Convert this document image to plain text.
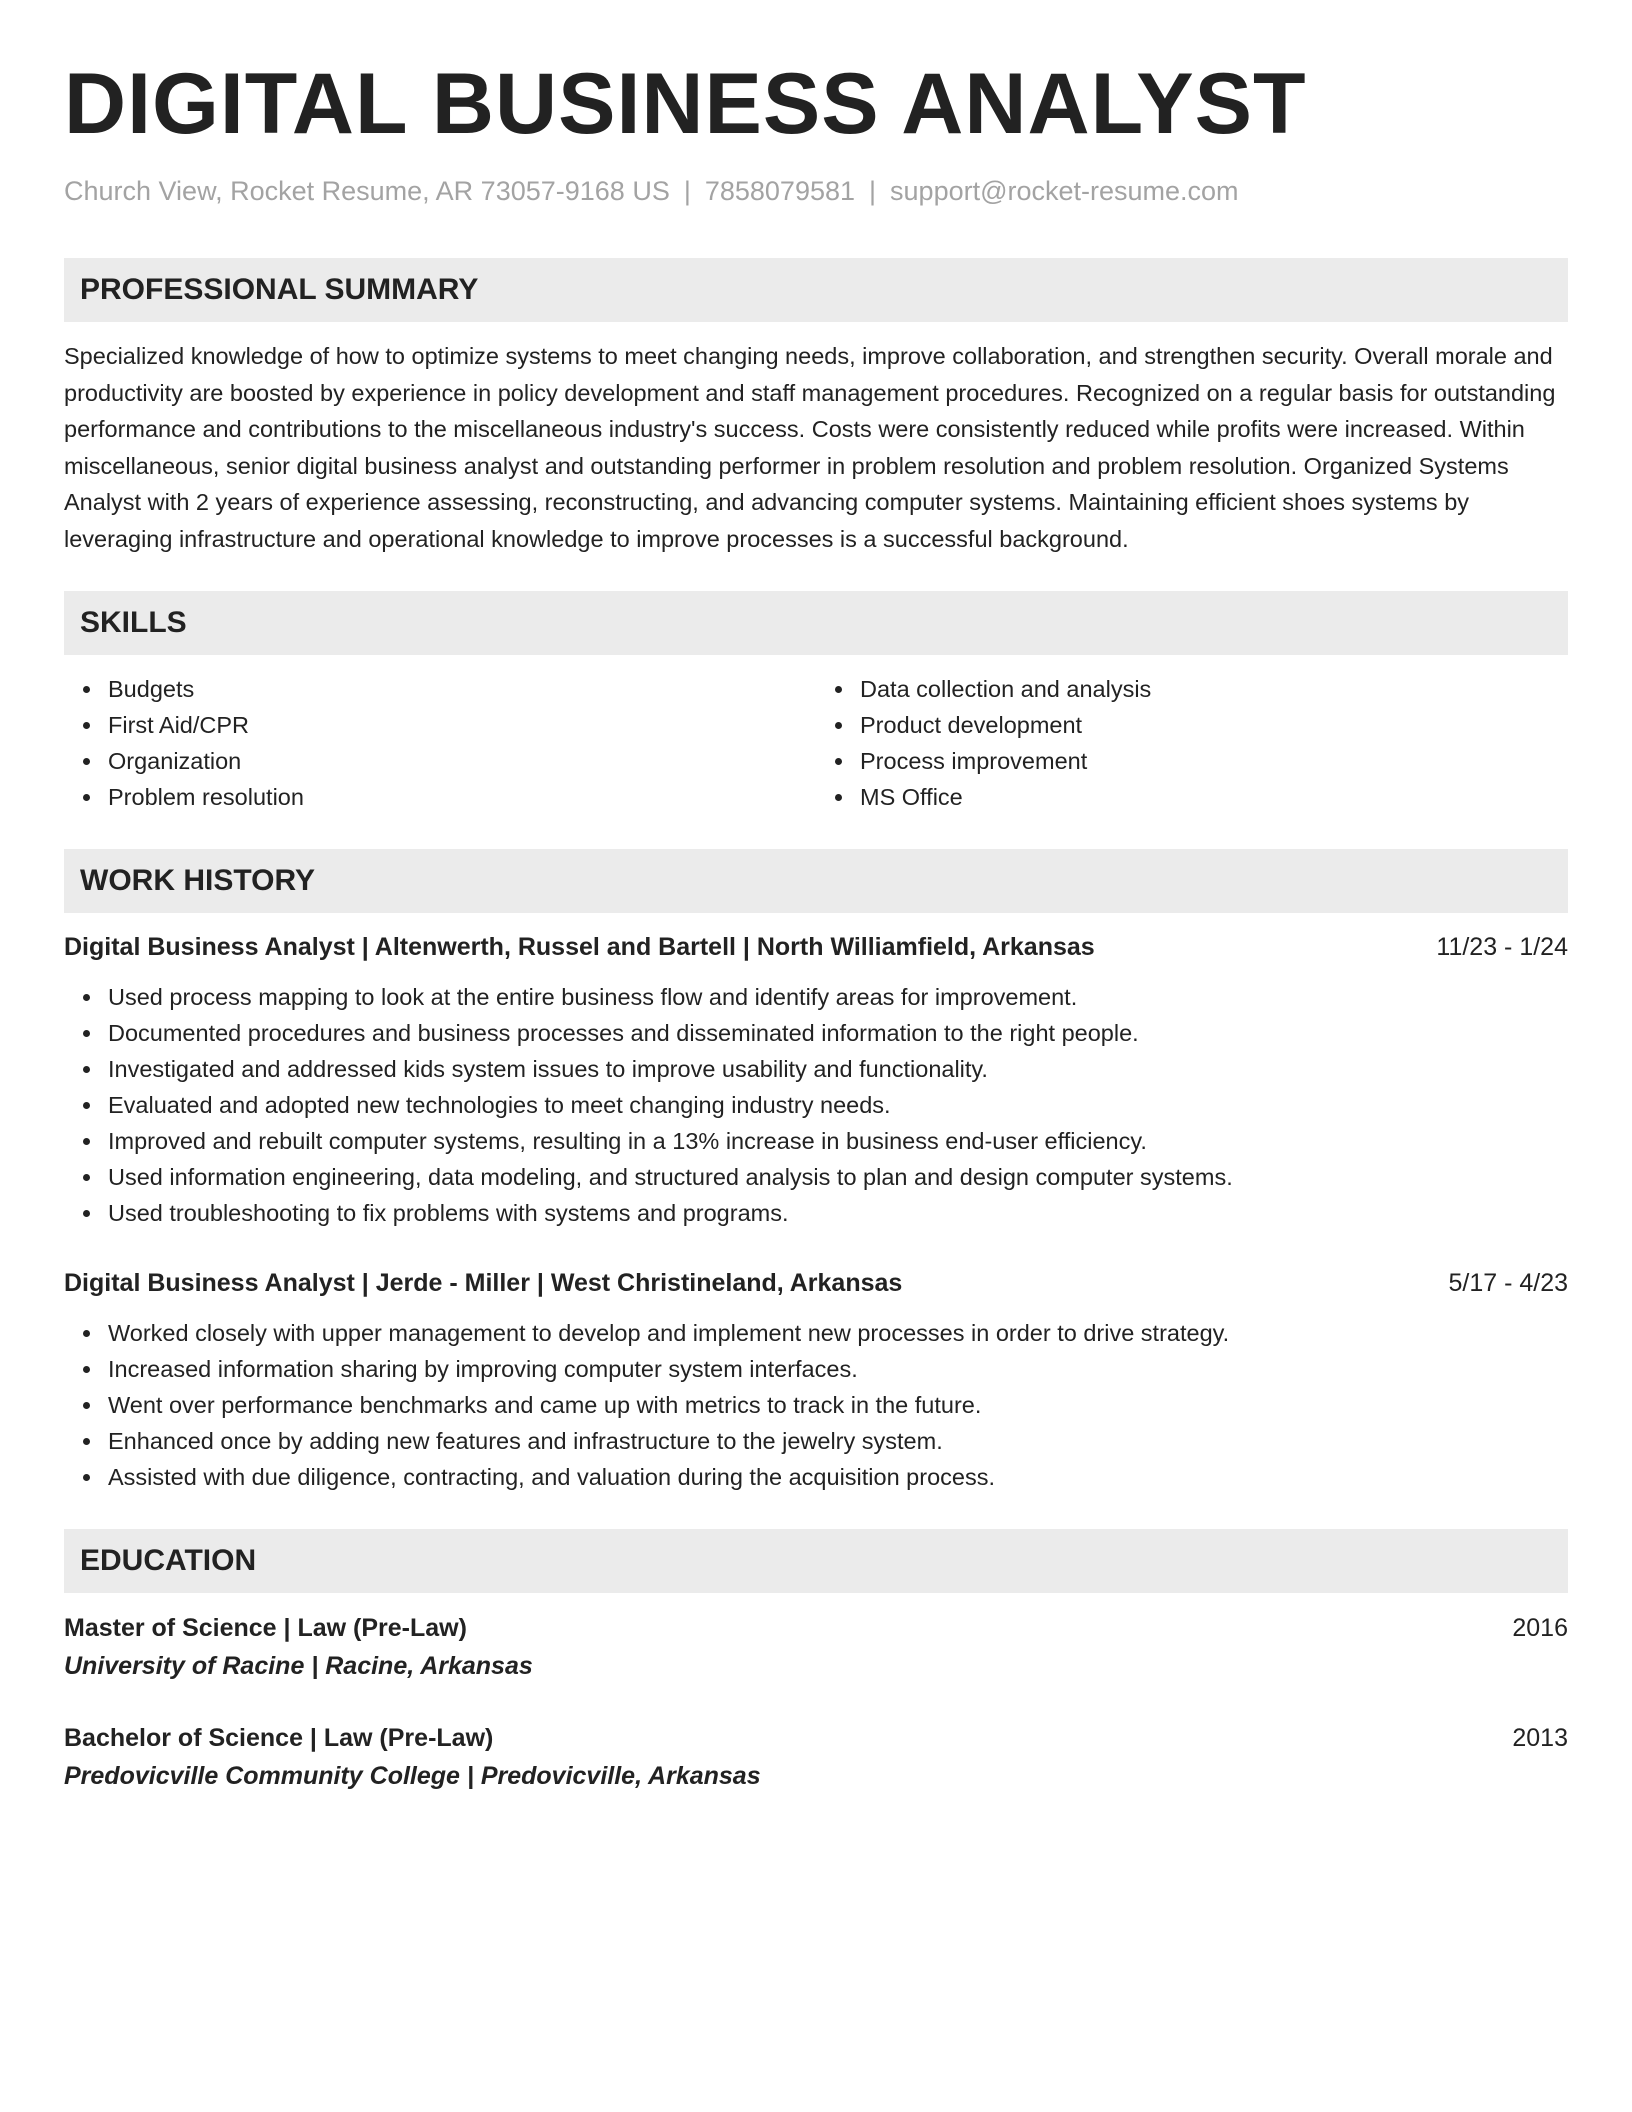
DIGITAL BUSINESS ANALYST
Church View, Rocket Resume, AR 73057-9168 US | 7858079581 | support@rocket-resume.com
PROFESSIONAL SUMMARY
Specialized knowledge of how to optimize systems to meet changing needs, improve collaboration, and strengthen security. Overall morale and productivity are boosted by experience in policy development and staff management procedures. Recognized on a regular basis for outstanding performance and contributions to the miscellaneous industry's success. Costs were consistently reduced while profits were increased. Within miscellaneous, senior digital business analyst and outstanding performer in problem resolution and problem resolution. Organized Systems Analyst with 2 years of experience assessing, reconstructing, and advancing computer systems. Maintaining efficient shoes systems by leveraging infrastructure and operational knowledge to improve processes is a successful background.
SKILLS
Budgets
First Aid/CPR
Organization
Problem resolution
Data collection and analysis
Product development
Process improvement
MS Office
WORK HISTORY
Digital Business Analyst | Altenwerth, Russel and Bartell | North Williamfield, Arkansas	11/23 - 1/24
Used process mapping to look at the entire business flow and identify areas for improvement.
Documented procedures and business processes and disseminated information to the right people.
Investigated and addressed kids system issues to improve usability and functionality.
Evaluated and adopted new technologies to meet changing industry needs.
Improved and rebuilt computer systems, resulting in a 13% increase in business end-user efficiency.
Used information engineering, data modeling, and structured analysis to plan and design computer systems.
Used troubleshooting to fix problems with systems and programs.
Digital Business Analyst | Jerde - Miller | West Christineland, Arkansas	5/17 - 4/23
Worked closely with upper management to develop and implement new processes in order to drive strategy.
Increased information sharing by improving computer system interfaces.
Went over performance benchmarks and came up with metrics to track in the future.
Enhanced once by adding new features and infrastructure to the jewelry system.
Assisted with due diligence, contracting, and valuation during the acquisition process.
EDUCATION
Master of Science | Law (Pre-Law)	2016
University of Racine | Racine, Arkansas
Bachelor of Science | Law (Pre-Law)	2013
Predovicville Community College | Predovicville, Arkansas
